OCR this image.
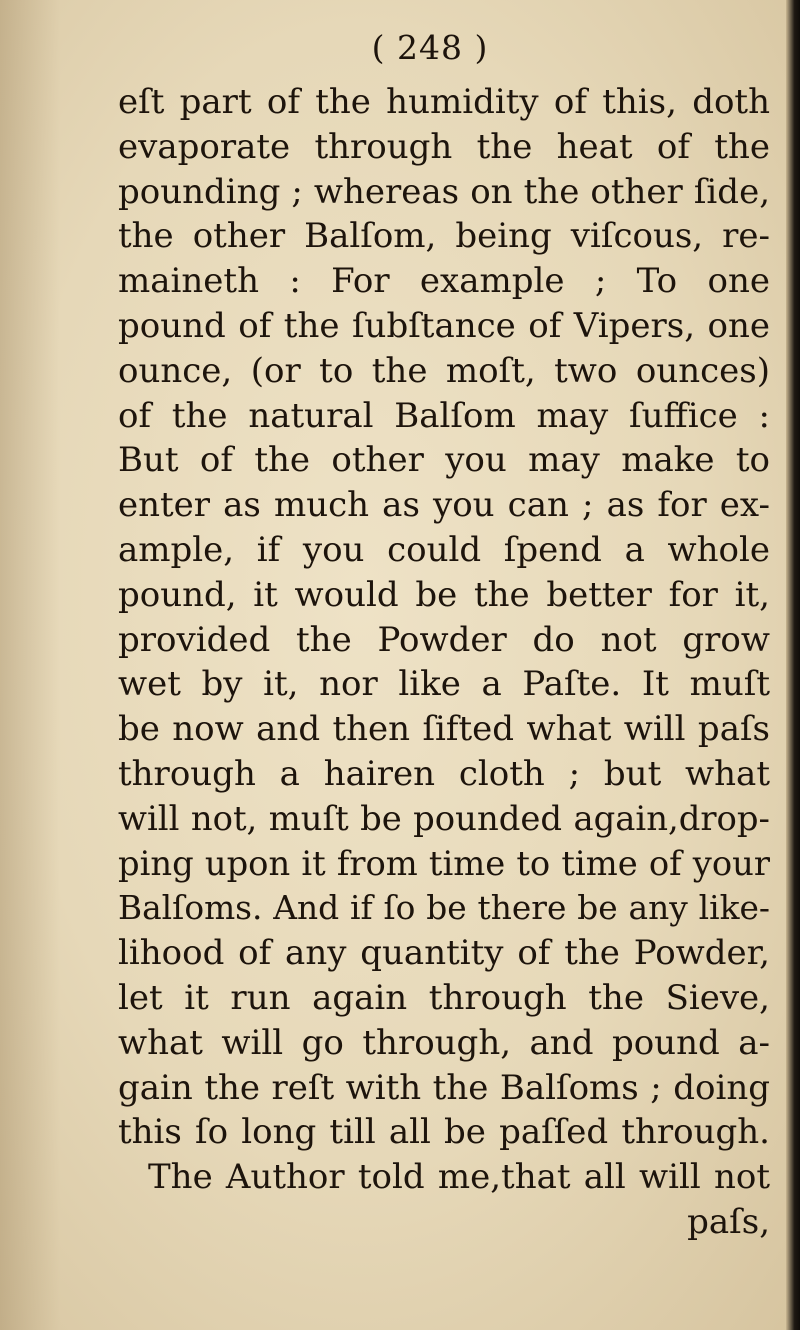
( 248 )
eſt part of the humidity of this, doth
evaporate through the heat of the
pounding ; whereas on the other ſide,
the other Balſom, being viſcous, re-
maineth : For example ; To one
pound of the ſubſtance of Vipers, one
ounce, (or to the moſt, two ounces)
of the natural Balſom may ſuffice :
But of the other you may make to
enter as much as you can ; as for ex-
ample, if you could ſpend a whole
pound, it would be the better for it,
provided the Powder do not grow
wet by it, nor like a Paſte. It muſt
be now and then ſifted what will paſs
through a hairen cloth ; but what
will not, muſt be pounded again,drop-
ping upon it from time to time of your
Balſoms. And if ſo be there be any like-
lihood of any quantity of the Powder,
let it run again through the Sieve,
what will go through, and pound a-
gain the reſt with the Balſoms ; doing
this ſo long till all be paſſed through.
The Author told me,that all will not
paſs,
